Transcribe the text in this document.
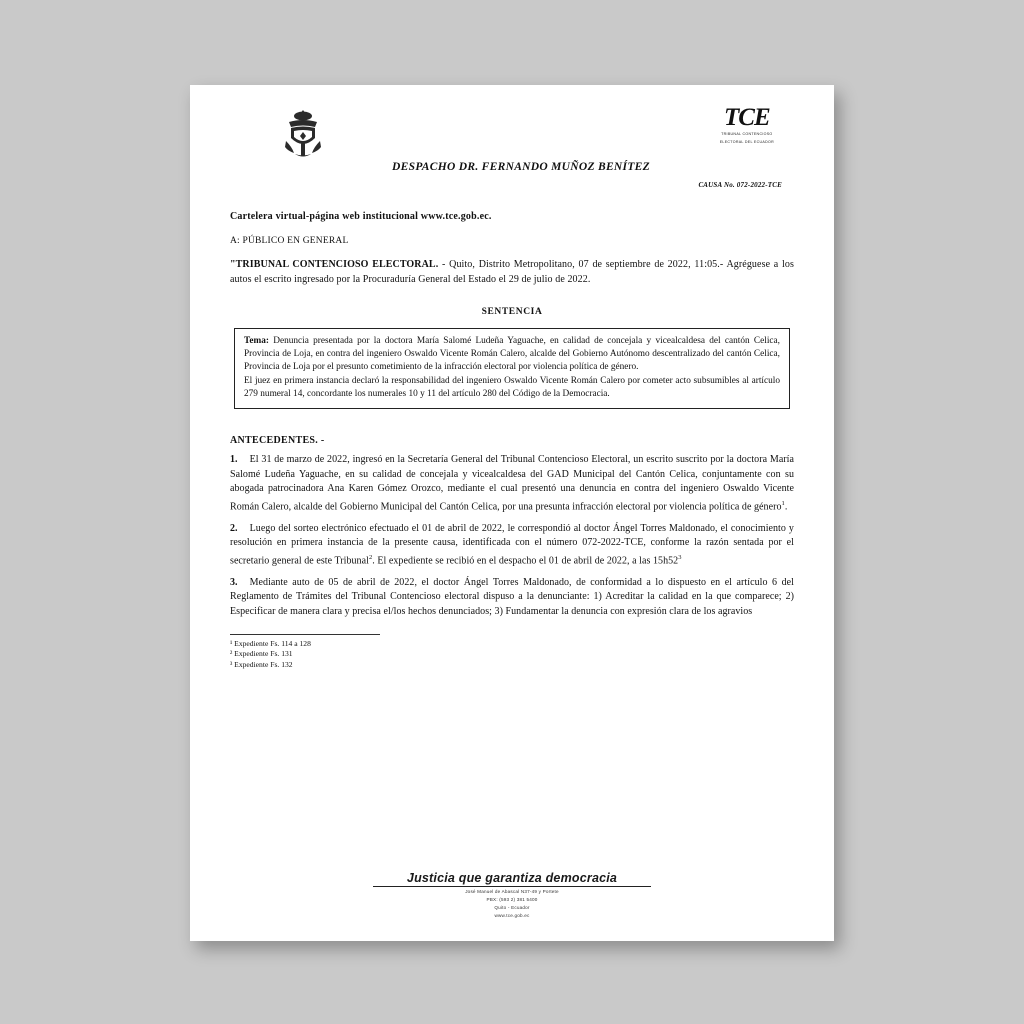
TCE
TRIBUNAL CONTENCIOSO
ELECTORAL DEL ECUADOR
DESPACHO DR. FERNANDO MUÑOZ BENÍTEZ
CAUSA No. 072-2022-TCE
Cartelera virtual-página web institucional www.tce.gob.ec.
A: PÚBLICO EN GENERAL
"TRIBUNAL CONTENCIOSO ELECTORAL. - Quito, Distrito Metropolitano, 07 de septiembre de 2022, 11:05.- Agréguese a los autos el escrito ingresado por la Procuraduría General del Estado el 29 de julio de 2022.
SENTENCIA

Tema: Denuncia presentada por la doctora María Salomé Ludeña Yaguache, en calidad de concejala y vicealcaldesa del cantón Celica, Provincia de Loja, en contra del ingeniero Oswaldo Vicente Román Calero, alcalde del Gobierno Autónomo descentralizado del cantón Celica, Provincia de Loja por el presunto cometimiento de la infracción electoral por violencia política de género.

El juez en primera instancia declaró la responsabilidad del ingeniero Oswaldo Vicente Román Calero por cometer acto subsumibles al artículo 279 numeral 14, concordante los numerales 10 y 11 del artículo 280 del Código de la Democracia.

ANTECEDENTES. -
1. El 31 de marzo de 2022, ingresó en la Secretaría General del Tribunal Contencioso Electoral, un escrito suscrito por la doctora María Salomé Ludeña Yaguache, en su calidad de concejala y vicealcaldesa del GAD Municipal del Cantón Celica, conjuntamente con su abogada patrocinadora Ana Karen Gómez Orozco, mediante el cual presentó una denuncia en contra del ingeniero Oswaldo Vicente Román Calero, alcalde del Gobierno Municipal del Cantón Celica, por una presunta infracción electoral por violencia política de género$^1$.
2. Luego del sorteo electrónico efectuado el 01 de abril de 2022, le correspondió al doctor Ángel Torres Maldonado, el conocimiento y resolución en primera instancia de la presente causa, identificada con el número 072-2022-TCE, conforme la razón sentada por el secretario general de este Tribunal$^2$. El expediente se recibió en el despacho el 01 de abril de 2022, a las $15h52^3$
3. Mediante auto de 05 de abril de 2022, el doctor Ángel Torres Maldonado, de conformidad a lo dispuesto en el artículo 6 del Reglamento de Trámites del Tribunal Contencioso electoral dispuso a la denunciante: 1) Acreditar la calidad en la que comparece; 2) Especificar de manera clara y precisa el/los hechos denunciados; 3) Fundamentar la denuncia con expresión clara de los agravios
¹ Expediente Fs. 114 a 128
² Expediente Fs. 131
³ Expediente Fs. 132
Justicia que garantiza democracia
José Manuel de Abascal N37-49 y Portete
PBX: (593 2) 381 5400
Quito - Ecuador
www.tce.gob.ec
